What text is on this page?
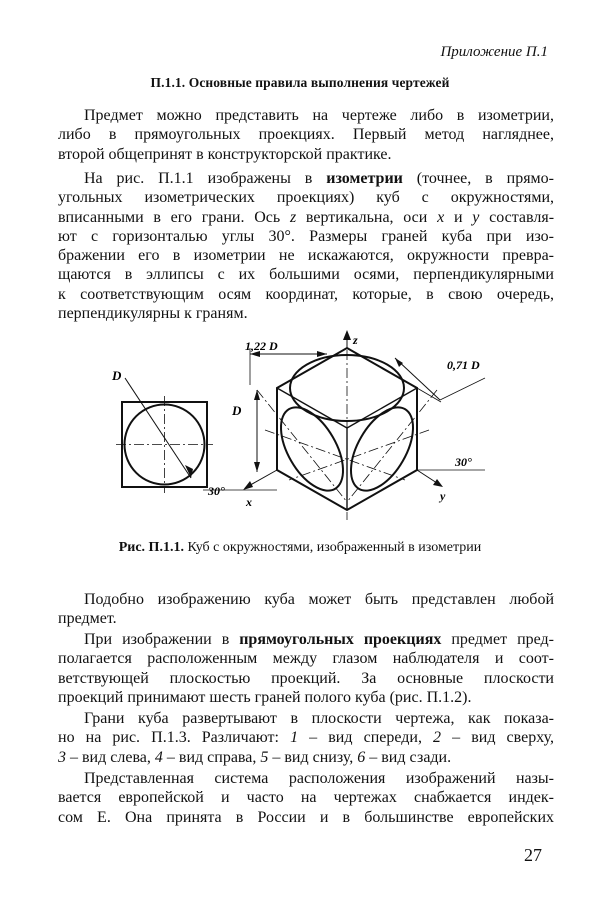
Приложение П.1
П.1.1. Основные правила выполнения чертежей
Предмет можно представить на чертеже либо в изометрии,
либо в прямоугольных проекциях. Первый метод нагляднее,
второй общепринят в конструкторской практике.
На рис. П.1.1 изображены в изометрии (точнее, в прямо-
угольных изометрических проекциях) куб с окружностями,
вписанными в его грани. Ось z вертикальна, оси x и y составля-
ют с горизонталью углы 30°. Размеры граней куба при изо-
бражении его в изометрии не искажаются, окружности превра-
щаются в эллипсы с их большими осями, перпендикулярными
к соответствующим осям координат, которые, в свою очередь,
перпендикулярны к граням.
D
z
1,22 D
0,71 D
D
30°
30°
x	y
Рис. П.1.1. Куб с окружностями, изображенный в изометрии
Подобно изображению куба может быть представлен любой
предмет.
При изображении в прямоугольных проекциях предмет пред-
полагается расположенным между глазом наблюдателя и соот-
ветствующей плоскостью проекций. За основные плоскости
проекций принимают шесть граней полого куба (рис. П.1.2).
Грани куба развертывают в плоскости чертежа, как показа-
но на рис. П.1.3. Различают: 1 – вид спереди, 2 – вид сверху,
3 – вид слева, 4 – вид справа, 5 – вид снизу, 6 – вид сзади.
Представленная система расположения изображений назы-
вается европейской и часто на чертежах снабжается индек-
сом Е. Она принята в России и в большинстве европейских
27
